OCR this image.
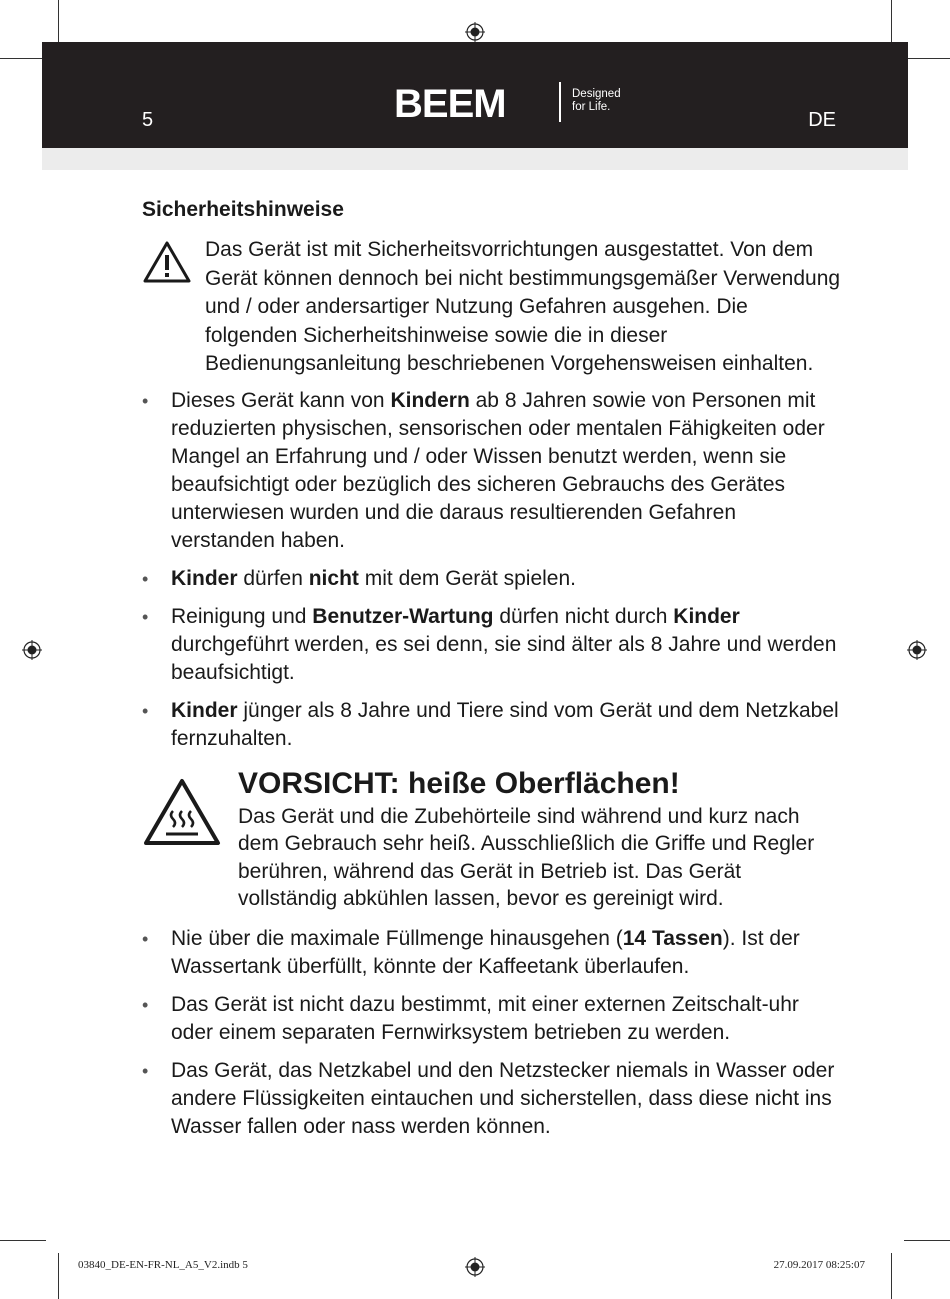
5	BEEM	Designed
for Life.
DE
Sicherheitshinweise
Das Gerät ist mit Sicherheitsvorrichtungen ausgestattet. Von dem Gerät können dennoch bei nicht bestimmungsgemäßer Verwendung und / oder andersartiger Nutzung Gefahren ausgehen. Die folgenden Sicherheitshinweise sowie die in dieser Bedienungsanleitung beschriebenen Vorgehensweisen einhalten.
• Dieses Gerät kann von Kindern ab 8 Jahren sowie von Personen mit reduzierten physischen, sensorischen oder mentalen Fähigkeiten oder Mangel an Erfahrung und / oder Wissen benutzt werden, wenn sie beaufsichtigt oder bezüglich des sicheren Gebrauchs des Gerätes unterwiesen wurden und die daraus resultierenden Gefahren verstanden haben.
• Kinder dürfen nicht mit dem Gerät spielen.
• Reinigung und Benutzer-Wartung dürfen nicht durch Kinder durchgeführt werden, es sei denn, sie sind älter als 8 Jahre und werden beaufsichtigt.
• Kinder jünger als 8 Jahre und Tiere sind vom Gerät und dem Netzkabel fernzuhalten.
VORSICHT: heiße Oberflächen!
Das Gerät und die Zubehörteile sind während und kurz nach dem Gebrauch sehr heiß. Ausschließlich die Griffe und Regler berühren, während das Gerät in Betrieb ist. Das Gerät vollständig abkühlen lassen, bevor es gereinigt wird.
• Nie über die maximale Füllmenge hinausgehen (14 Tassen). Ist der Wassertank überfüllt, könnte der Kaffeetank überlaufen.
• Das Gerät ist nicht dazu bestimmt, mit einer externen Zeitschalt-uhr oder einem separaten Fernwirksystem betrieben zu werden.
• Das Gerät, das Netzkabel und den Netzstecker niemals in Wasser oder andere Flüssigkeiten eintauchen und sicherstellen, dass diese nicht ins Wasser fallen oder nass werden können.
03840_DE-EN-FR-NL_A5_V2.indb 5	27.09.2017 08:25:07
